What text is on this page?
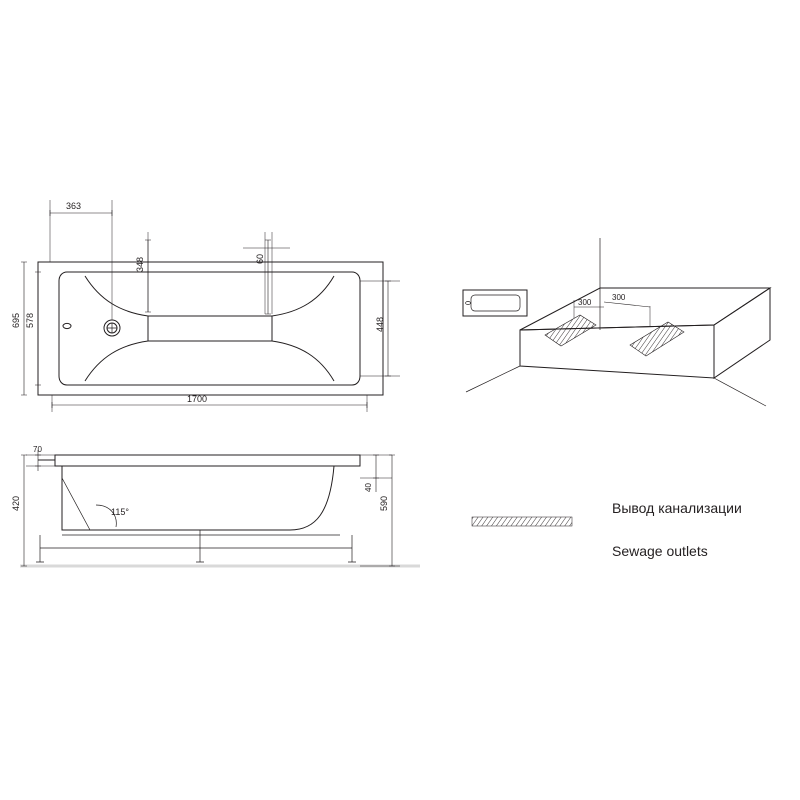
363
348	60
448
1700
695 578
115°
70
40
420	590
300
300
Вывод канализации
Sewage outlets
